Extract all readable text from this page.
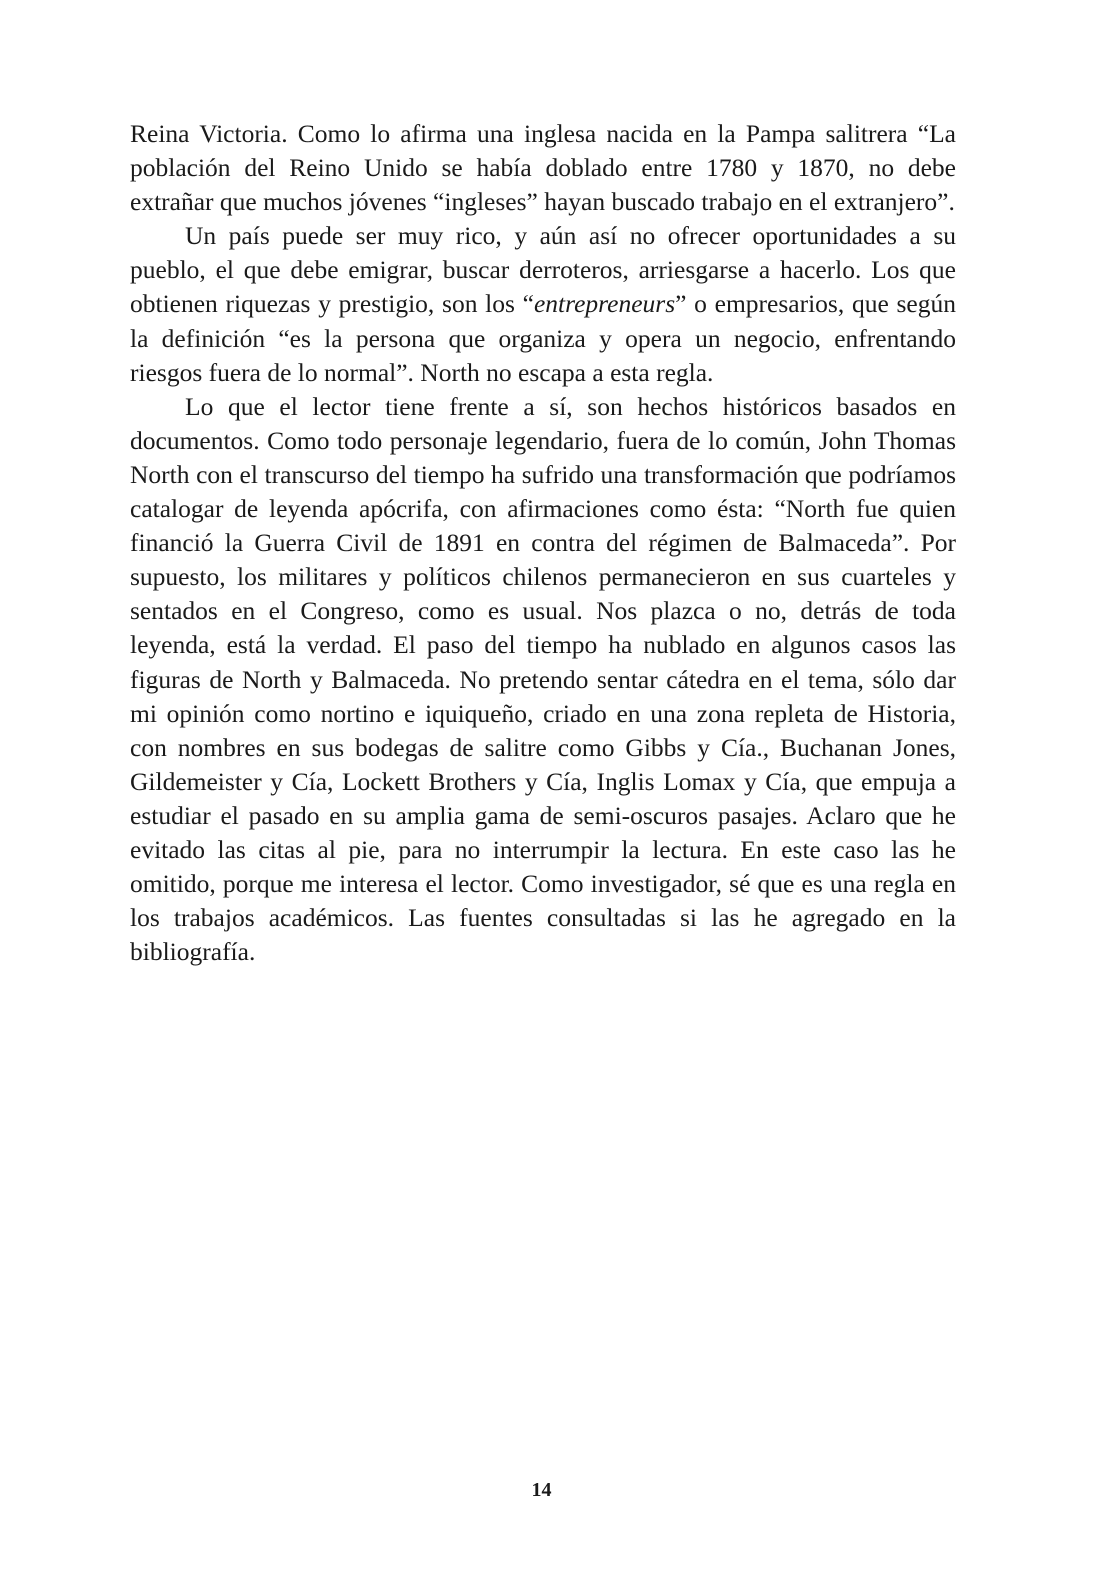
Reina Victoria. Como lo afirma una inglesa nacida en la Pampa salitrera “La población del Reino Unido se había doblado entre 1780 y 1870, no debe extrañar que muchos jóvenes “ingleses” hayan buscado trabajo en el extranjero”.

Un país puede ser muy rico, y aún así no ofrecer oportunidades a su pueblo, el que debe emigrar, buscar derroteros, arriesgarse a hacerlo. Los que obtienen riquezas y prestigio, son los “entrepreneurs” o empresarios, que según la definición “es la persona que organiza y opera un negocio, enfrentando riesgos fuera de lo normal”. North no escapa a esta regla.

Lo que el lector tiene frente a sí, son hechos históricos basados en documentos. Como todo personaje legendario, fuera de lo común, John Thomas North con el transcurso del tiempo ha sufrido una transformación que podríamos catalogar de leyenda apócrifa, con afirmaciones como ésta: “North fue quien financió la Guerra Civil de 1891 en contra del régimen de Balmaceda”. Por supuesto, los militares y políticos chilenos permanecieron en sus cuarteles y sentados en el Congreso, como es usual. Nos plazca o no, detrás de toda leyenda, está la verdad. El paso del tiempo ha nublado en algunos casos las figuras de North y Balmaceda. No pretendo sentar cátedra en el tema, sólo dar mi opinión como nortino e iquiqueño, criado en una zona repleta de Historia, con nombres en sus bodegas de salitre como Gibbs y Cía., Buchanan Jones, Gildemeister y Cía, Lockett Brothers y Cía, Inglis Lomax y Cía, que empuja a estudiar el pasado en su amplia gama de semi-oscuros pasajes. Aclaro que he evitado las citas al pie, para no interrumpir la lectura. En este caso las he omitido, porque me interesa el lector. Como investigador, sé que es una regla en los trabajos académicos. Las fuentes consultadas si las he agregado en la bibliografía.

14
